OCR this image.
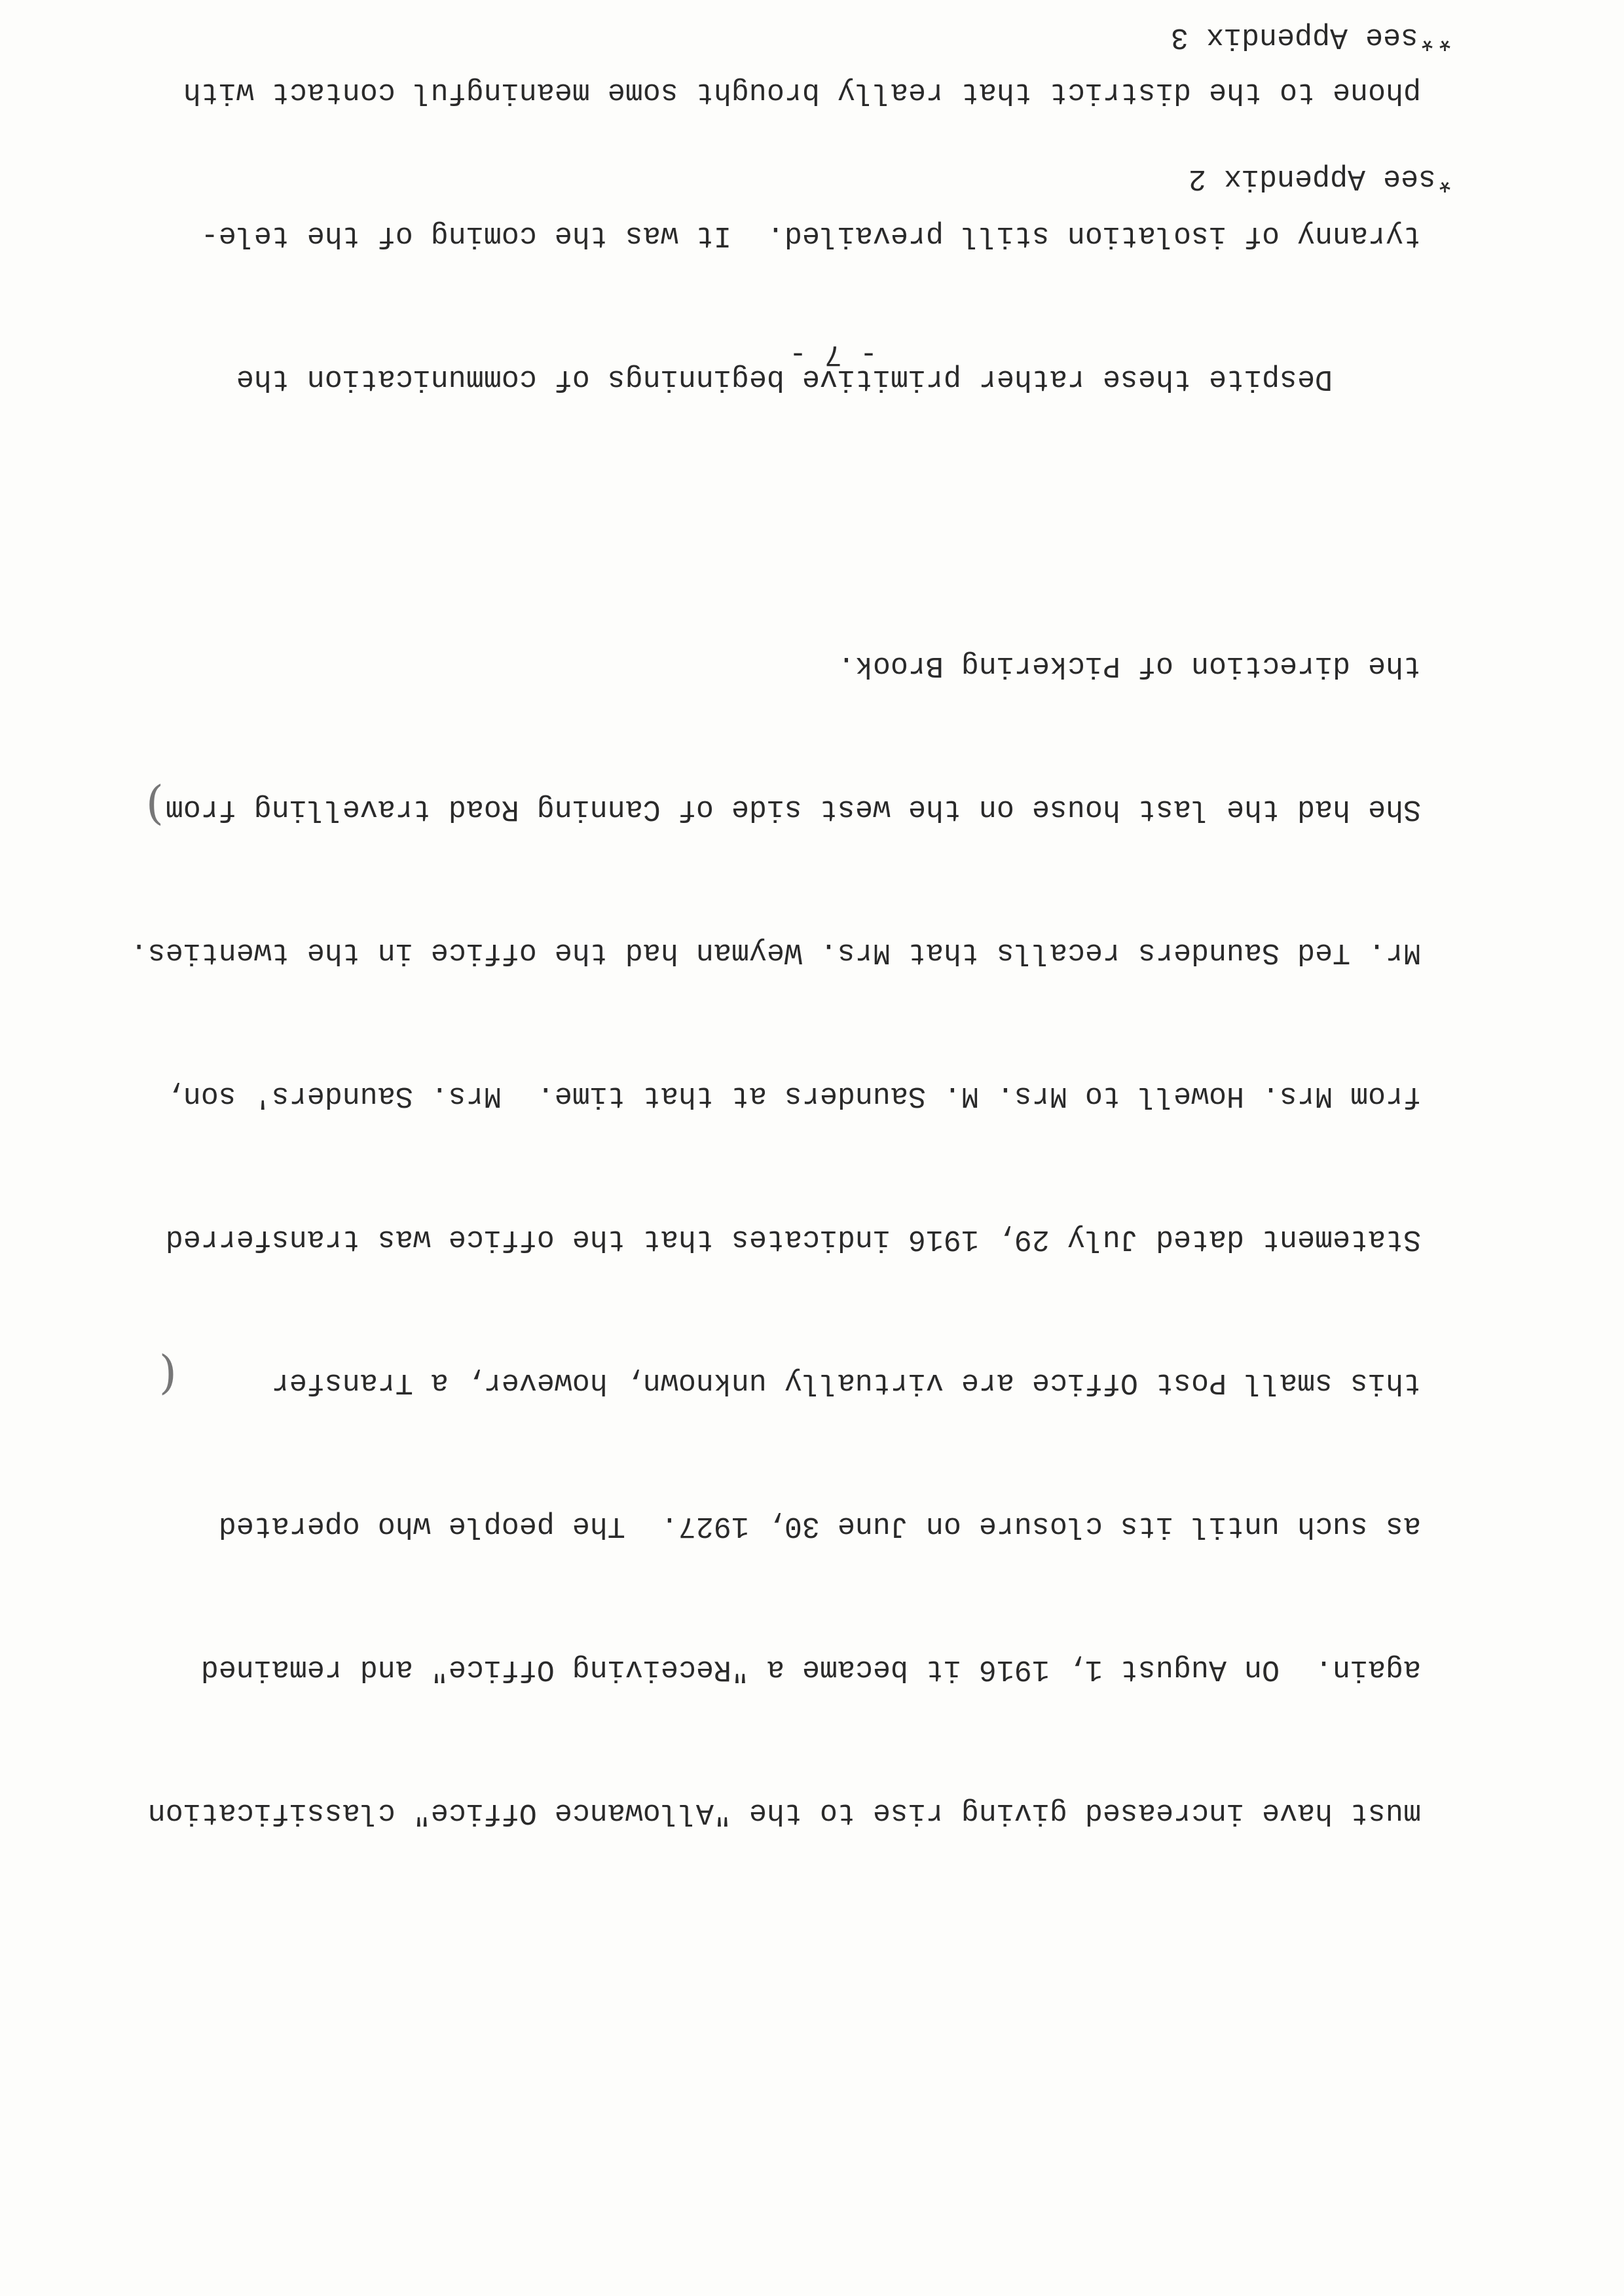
must have increased giving rise to the "Allowance Office" classification

again.  On August 1, 1916 it became a "Receiving Office" and remained

as such until its closure on June 30, 1927.  The people who operated

this small Post Office are virtually unknown, however, a Transfer

Statement dated July 29, 1916 indicates that the office was transferred

from Mrs. Howell to Mrs. M. Saunders at that time.  Mrs. Saunders' son,

Mr. Ted Saunders recalls that Mrs. Weyman had the office in the twenties.

She had the last house on the west side of Canning Road travelling from

the direction of Pickering Brook.

Despite these rather primitive beginnings of communication the

tyranny of isolation still prevailed.  It was the coming of the tele-

phone to the district that really brought some meaningful contact with

- 7 -

*see Appendix 2

**see Appendix 3

(
)
